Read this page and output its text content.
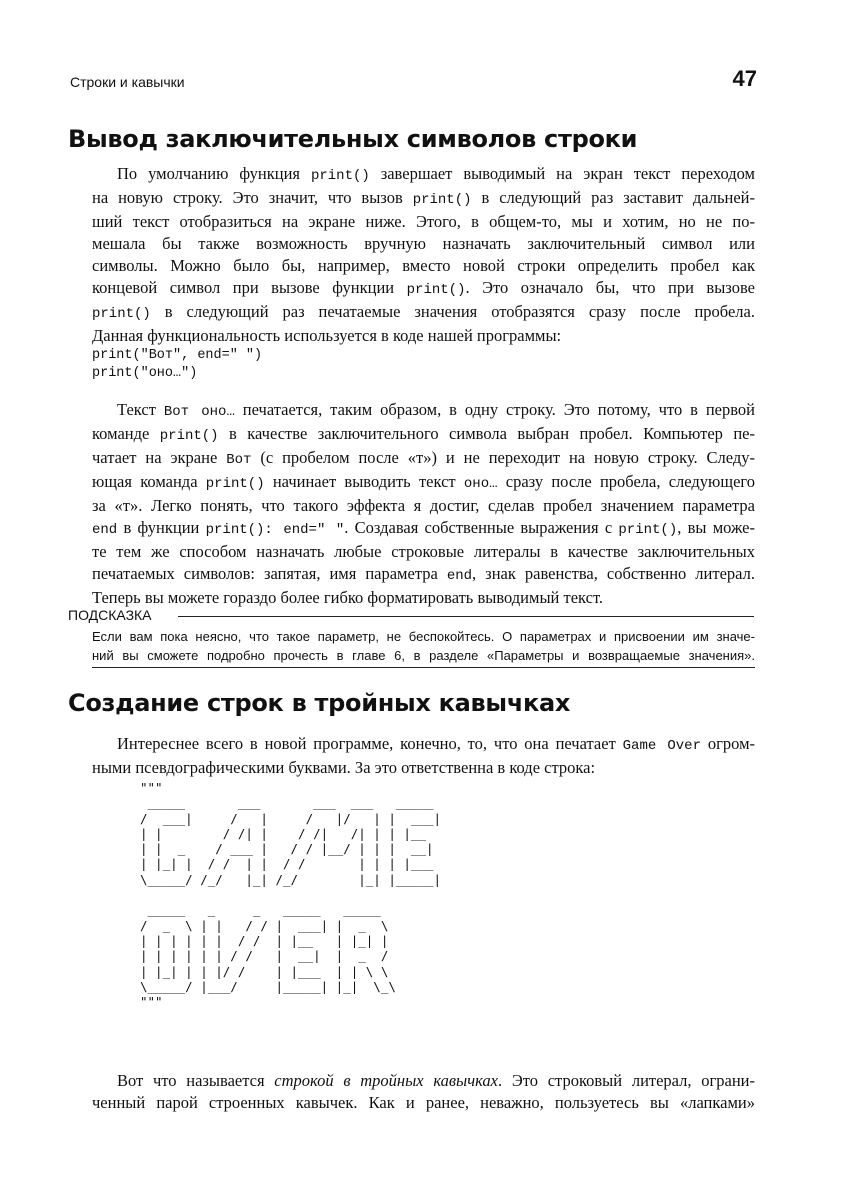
Строки и кавычки	47
Вывод заключительных символов строки
По умолчанию функция print() завершает выводимый на экран текст переходом
на новую строку. Это значит, что вызов print() в следующий раз заставит дальней-
ший текст отобразиться на экране ниже. Этого, в общем-то, мы и хотим, но не по-
мешала бы также возможность вручную назначать заключительный символ или
символы. Можно было бы, например, вместо новой строки определить пробел как
концевой символ при вызове функции print(). Это означало бы, что при вызове
print() в следующий раз печатаемые значения отобразятся сразу после пробела.
Данная функциональность используется в коде нашей программы:
print("Вот", end=" ")
print("оно…")
Текст Вот оно… печатается, таким образом, в одну строку. Это потому, что в первой
команде print() в качестве заключительного символа выбран пробел. Компьютер пе-
чатает на экране Вот (с пробелом после «т») и не переходит на новую строку. Следу-
ющая команда print() начинает выводить текст оно… сразу после пробела, следующего
за «т». Легко понять, что такого эффекта я достиг, сделав пробел значением параметра
end в функции print(): end=" ". Создавая собственные выражения с print(), вы може-
те тем же способом назначать любые строковые литералы в качестве заключительных
печатаемых символов: запятая, имя параметра end, знак равенства, собственно литерал.
Теперь вы можете гораздо более гибко форматировать выводимый текст.
ПОДСКАЗКА
Если вам пока неясно, что такое параметр, не беспокойтесь. О параметрах и присвоении им значе-
ний вы сможете подробно прочесть в главе 6, в разделе «Параметры и возвращаемые значения».
Создание строк в тройных кавычках
Интереснее всего в новой программе, конечно, то, что она печатает Game Over огром-
ными псевдографическими буквами. За это ответственна в коде строка:
"""
_____       ___       ___  ___   _____
/  ___|     /   |     /   |/   | |  ___|
| |        / /| |    / /|   /| | | |__
| |  _    / ___ |   / / |__/ | | |  __|
| |_| |  / /  | |  / /       | | | |___
\_____/ /_/   |_| /_/        |_| |_____|

_____   _     _   _____   _____
/  _  \ | |   / / |  ___| |  _  \
| | | | | |  / /  | |__   | |_| |
| | | | | | / /   |  __|  |  _  /
| |_| | | |/ /    | |___  | | \ \
\_____/ |___/     |_____| |_|  \_\
"""
Вот что называется строкой в тройных кавычках. Это строковый литерал, ограни-
ченный парой строенных кавычек. Как и ранее, неважно, пользуетесь вы «лапками»
